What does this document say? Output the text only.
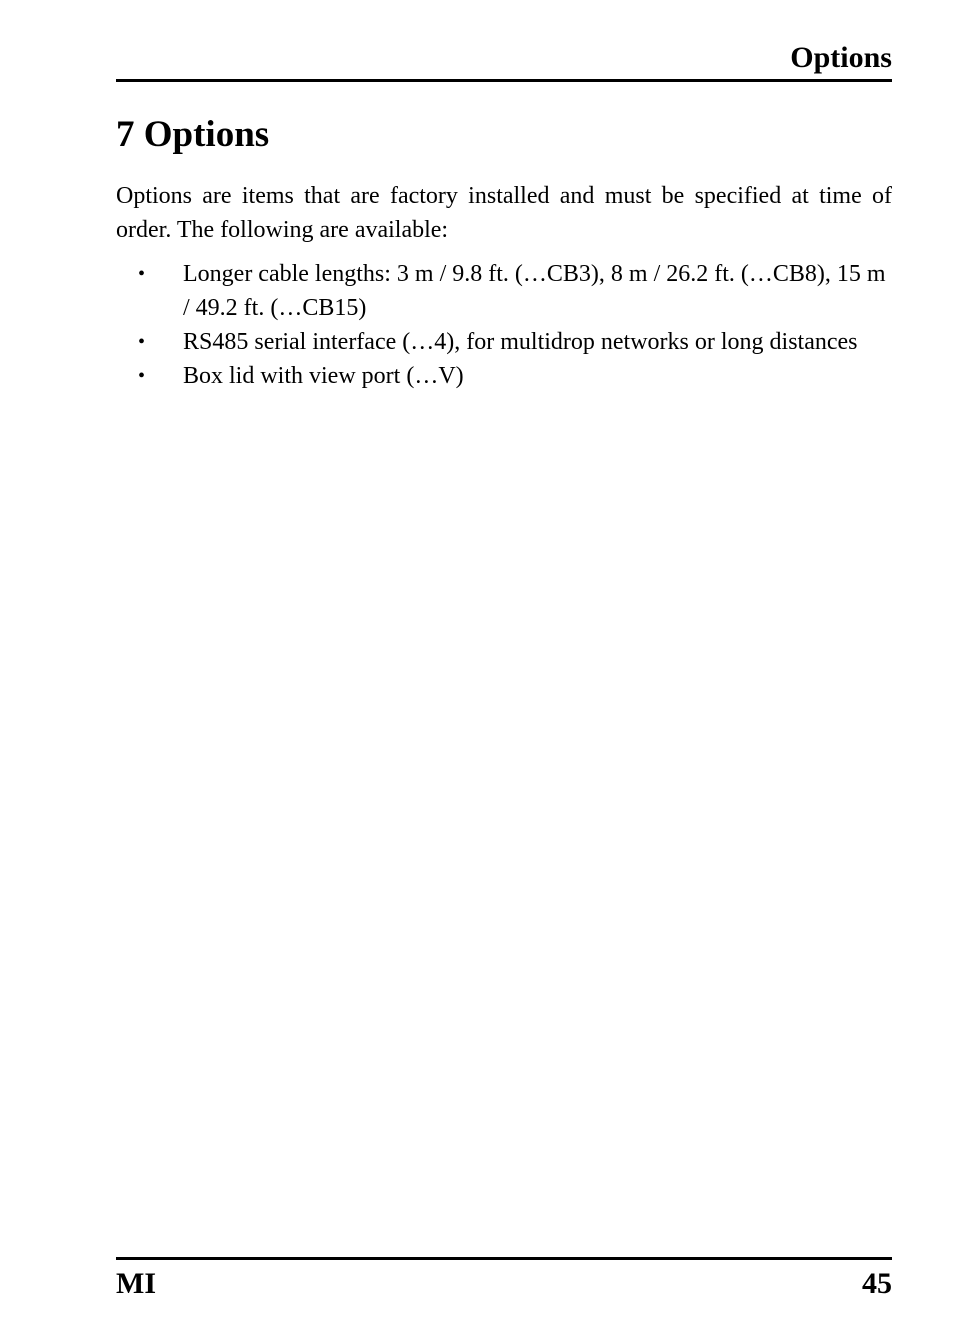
Options
7 Options

Options are items that are factory installed and must be specified at time of order. The following are available:

• Longer cable lengths: 3 m / 9.8 ft. (…CB3), 8 m / 26.2 ft. (…CB8), 15 m / 49.2 ft. (…CB15)
• RS485 serial interface (…4), for multidrop networks or long distances
• Box lid with view port (…V)
MI	45
